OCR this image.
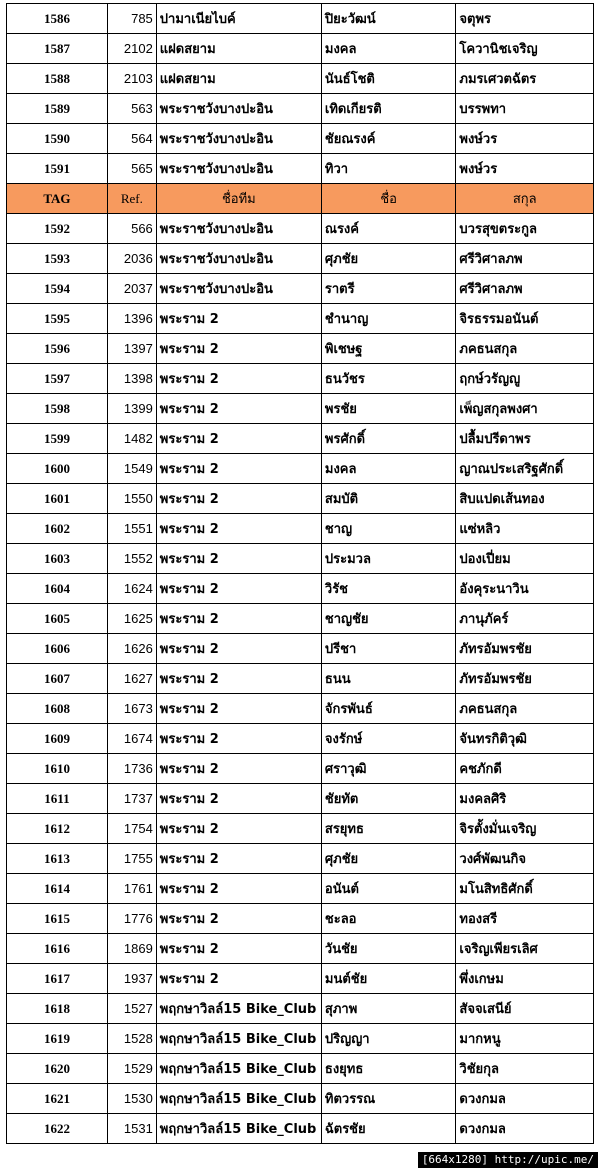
1586	785	ปามาเนียไบค์	ปิยะวัฒน์	จตุพร
1587	2102	แฝดสยาม	มงคล	โควานิชเจริญ
1588	2103	แฝดสยาม	นันธ์โชติ	ภมรเศวตฉัตร
1589	563	พระราชวังบางปะอิน	เทิดเกียรติ	บรรพทา
1590	564	พระราชวังบางปะอิน	ชัยณรงค์	พงษ์วร
1591	565	พระราชวังบางปะอิน	ทิวา	พงษ์วร
TAG	Ref.	ชื่อทีม	ชื่อ	สกุล
1592	566	พระราชวังบางปะอิน	ณรงค์	บวรสุขตระกูล
1593	2036	พระราชวังบางปะอิน	ศุภชัย	ศรีวิศาลภพ
1594	2037	พระราชวังบางปะอิน	ราตรี	ศรีวิศาลภพ
1595	1396	พระราม 2	ชำนาญ	จิรธรรมอนันต์
1596	1397	พระราม 2	พิเชษฐ	ภคธนสกุล
1597	1398	พระราม 2	ธนวัชร	ฤกษ์วรัญญู
1598	1399	พระราม 2	พรชัย	เพ็ญสกุลพงศา
1599	1482	พระราม 2	พรศักดิ์	ปลื้มปรีดาพร
1600	1549	พระราม 2	มงคล	ญาณประเสริฐศักดิ์
1601	1550	พระราม 2	สมบัติ	สิบแปดเส้นทอง
1602	1551	พระราม 2	ชาญ	แซ่หลิว
1603	1552	พระราม 2	ประมวล	ปองเปี่ยม
1604	1624	พระราม 2	วิรัช	อังคุระนาวิน
1605	1625	พระราม 2	ชาญชัย	ภานุภัคร์
1606	1626	พระราม 2	ปรีชา	ภัทรอัมพรชัย
1607	1627	พระราม 2	ธนน	ภัทรอัมพรชัย
1608	1673	พระราม 2	จักรพันธ์	ภคธนสกุล
1609	1674	พระราม 2	จงรักษ์	จันทรกิติวุฒิ
1610	1736	พระราม 2	ศราวุฒิ	คชภักดี
1611	1737	พระราม 2	ชัยทัต	มงคลศิริ
1612	1754	พระราม 2	สรยุทธ	จิรตั้งมั่นเจริญ
1613	1755	พระราม 2	ศุภชัย	วงศ์พัฒนกิจ
1614	1761	พระราม 2	อนันต์	มโนสิทธิศักดิ์
1615	1776	พระราม 2	ชะลอ	ทองสรี
1616	1869	พระราม 2	วันชัย	เจริญเพียรเลิศ
1617	1937	พระราม 2	มนต์ชัย	พึ่งเกษม
1618	1527	พฤกษาวิลล์15 Bike_Club	สุภาพ	สัจจเสนีย์
1619	1528	พฤกษาวิลล์15 Bike_Club	ปริญญา	มากหนู
1620	1529	พฤกษาวิลล์15 Bike_Club	ธงยุทธ	วิชัยกุล
1621	1530	พฤกษาวิลล์15 Bike_Club	ทิตวรรณ	ดวงกมล
1622	1531	พฤกษาวิลล์15 Bike_Club	ฉัตรชัย	ดวงกมล
[664x1280] http://upic.me/
